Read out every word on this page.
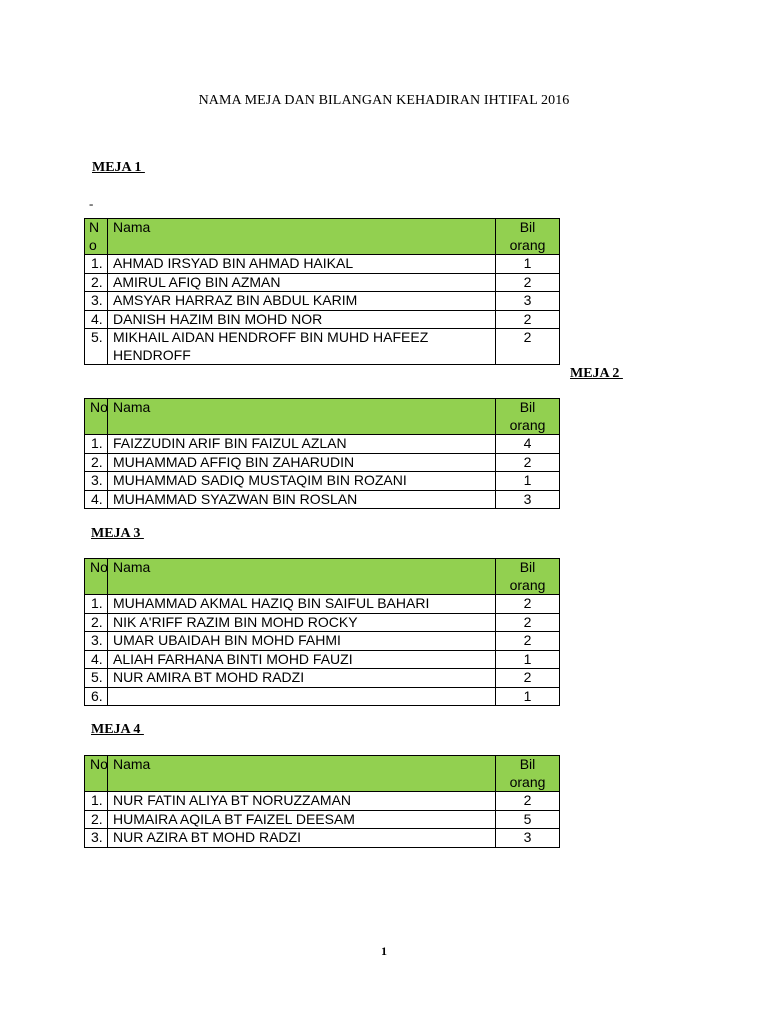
NAMA MEJA DAN BILANGAN KEHADIRAN IHTIFAL 2016
MEJA 1
-
No	Nama	Bil orang
1.	AHMAD IRSYAD BIN AHMAD HAIKAL	1
2.	AMIRUL AFIQ BIN AZMAN	2
3.	AMSYAR HARRAZ BIN ABDUL KARIM	3
4.	DANISH HAZIM BIN MOHD NOR	2
5.	MIKHAIL AIDAN HENDROFF BIN MUHD HAFEEZ HENDROFF	2
MEJA 2
No	Nama	Bil orang
1.	FAIZZUDIN ARIF BIN FAIZUL AZLAN	4
2.	MUHAMMAD AFFIQ BIN ZAHARUDIN	2
3.	MUHAMMAD SADIQ MUSTAQIM BIN ROZANI	1
4.	MUHAMMAD SYAZWAN BIN ROSLAN	3
MEJA 3
No	Nama	Bil orang
1.	MUHAMMAD AKMAL HAZIQ BIN SAIFUL BAHARI	2
2.	NIK A'RIFF RAZIM BIN MOHD ROCKY	2
3.	UMAR UBAIDAH BIN MOHD FAHMI	2
4.	ALIAH FARHANA BINTI MOHD FAUZI	1
5.	NUR AMIRA BT MOHD RADZI	2
6.		1
MEJA 4
No	Nama	Bil orang
1.	NUR FATIN ALIYA BT NORUZZAMAN	2
2.	HUMAIRA AQILA BT FAIZEL DEESAM	5
3.	NUR AZIRA BT MOHD RADZI	3
1
